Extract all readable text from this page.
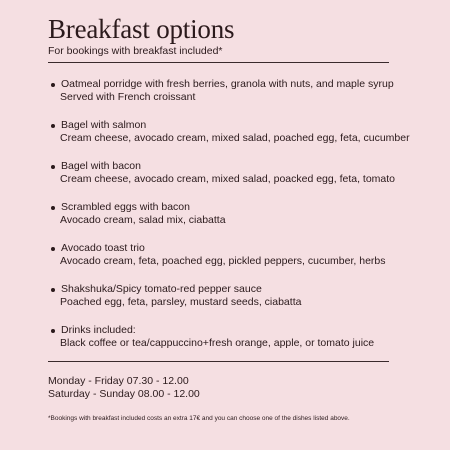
Breakfast options
For bookings with breakfast included*
Oatmeal porridge with fresh berries, granola with nuts, and maple syrup
Served with French croissant
Bagel with salmon
Cream cheese, avocado cream, mixed salad, poached egg, feta, cucumber
Bagel with bacon
Cream cheese, avocado cream, mixed salad, poacked egg, feta, tomato
Scrambled eggs with bacon
Avocado cream, salad mix, ciabatta
Avocado toast trio
Avocado cream, feta, poached egg, pickled peppers, cucumber, herbs
Shakshuka/Spicy tomato-red pepper sauce
Poached egg, feta, parsley, mustard seeds, ciabatta
Drinks included:
Black coffee or tea/cappuccino+fresh orange, apple, or tomato juice
Monday - Friday 07.30 - 12.00
Saturday - Sunday 08.00 - 12.00
*Bookings with breakfast included costs an extra 17€ and you can choose one of the dishes listed above.
